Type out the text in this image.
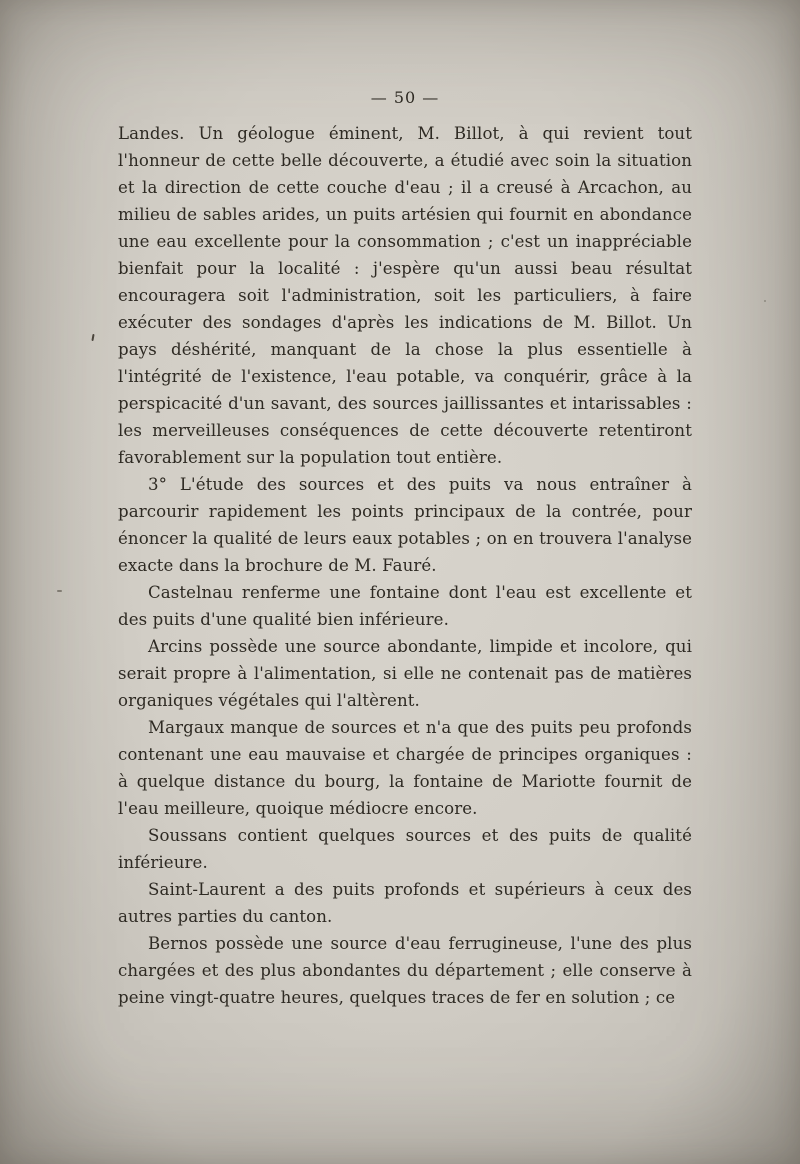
— 50 —

Landes. Un géologue éminent, M. Billot, à qui revient tout l'honneur de cette belle découverte, a étudié avec soin la situation et la direction de cette couche d'eau ; il a creusé à Arcachon, au milieu de sables arides, un puits artésien qui fournit en abondance une eau excellente pour la consommation ; c'est un inappréciable bienfait pour la localité : j'espère qu'un aussi beau résultat encouragera soit l'administration, soit les particuliers, à faire exécuter des sondages d'après les indications de M. Billot. Un pays déshérité, manquant de la chose la plus essentielle à l'intégrité de l'existence, l'eau potable, va conquérir, grâce à la perspicacité d'un savant, des sources jaillissantes et intarissables : les merveilleuses conséquences de cette découverte retentiront favorablement sur la population tout entière.

3° L'étude des sources et des puits va nous entraîner à parcourir rapidement les points principaux de la contrée, pour énoncer la qualité de leurs eaux potables ; on en trouvera l'analyse exacte dans la brochure de M. Fauré.

Castelnau renferme une fontaine dont l'eau est excellente et des puits d'une qualité bien inférieure.

Arcins possède une source abondante, limpide et incolore, qui serait propre à l'alimentation, si elle ne contenait pas de matières organiques végétales qui l'altèrent.

Margaux manque de sources et n'a que des puits peu profonds contenant une eau mauvaise et chargée de principes organiques : à quelque distance du bourg, la fontaine de Mariotte fournit de l'eau meilleure, quoique médiocre encore.

Soussans contient quelques sources et des puits de qualité inférieure.

Saint-Laurent a des puits profonds et supérieurs à ceux des autres parties du canton.

Bernos possède une source d'eau ferrugineuse, l'une des plus chargées et des plus abondantes du département ; elle conserve à peine vingt-quatre heures, quelques traces de fer en solution ; ce
